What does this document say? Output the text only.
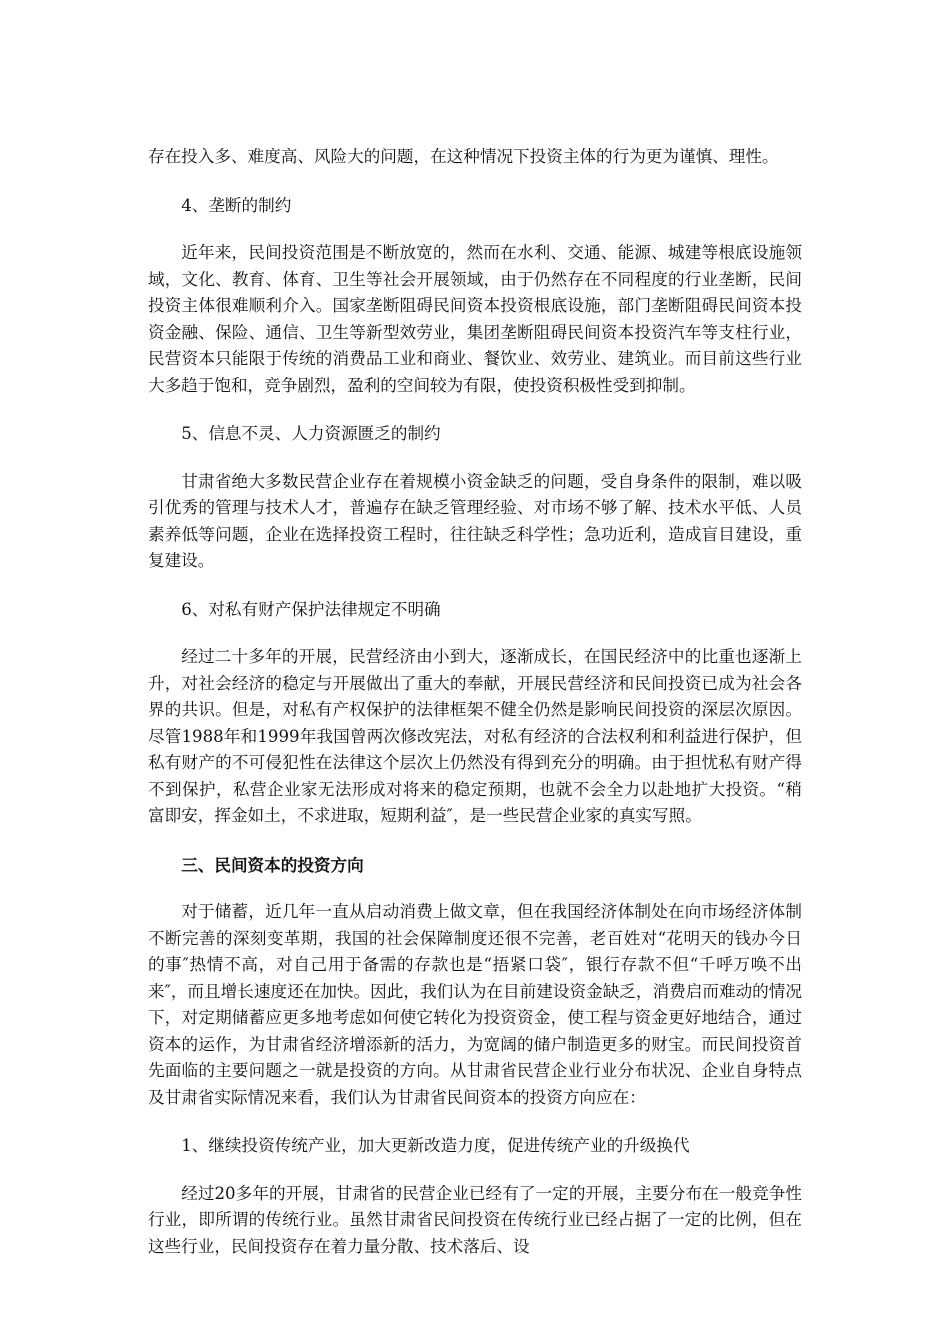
存在投入多、难度高、风险大的问题，在这种情况下投资主体的行为更为谨慎、理性。

4、垄断的制约

近年来，民间投资范围是不断放宽的，然而在水利、交通、能源、城建等根底设施领域，文化、教育、体育、卫生等社会开展领域，由于仍然存在不同程度的行业垄断，民间投资主体很难顺利介入。国家垄断阻碍民间资本投资根底设施，部门垄断阻碍民间资本投资金融、保险、通信、卫生等新型效劳业，集团垄断阻碍民间资本投资汽车等支柱行业，民营资本只能限于传统的消费品工业和商业、餐饮业、效劳业、建筑业。而目前这些行业大多趋于饱和，竞争剧烈，盈利的空间较为有限，使投资积极性受到抑制。

5、信息不灵、人力资源匮乏的制约

甘肃省绝大多数民营企业存在着规模小资金缺乏的问题，受自身条件的限制，难以吸引优秀的管理与技术人才，普遍存在缺乏管理经验、对市场不够了解、技术水平低、人员素养低等问题，企业在选择投资工程时，往往缺乏科学性；急功近利，造成盲目建设，重复建设。

6、对私有财产保护法律规定不明确

经过二十多年的开展，民营经济由小到大，逐渐成长，在国民经济中的比重也逐渐上升，对社会经济的稳定与开展做出了重大的奉献，开展民营经济和民间投资已成为社会各界的共识。但是，对私有产权保护的法律框架不健全仍然是影响民间投资的深层次原因。尽管1988年和1999年我国曾两次修改宪法，对私有经济的合法权利和利益进行保护，但私有财产的不可侵犯性在法律这个层次上仍然没有得到充分的明确。由于担忧私有财产得不到保护，私营企业家无法形成对将来的稳定预期，也就不会全力以赴地扩大投资。“稍富即安，挥金如土，不求进取，短期利益″，是一些民营企业家的真实写照。

三、民间资本的投资方向

对于储蓄，近几年一直从启动消费上做文章，但在我国经济体制处在向市场经济体制不断完善的深刻变革期，我国的社会保障制度还很不完善，老百姓对“花明天的钱办今日的事″热情不高，对自己用于备需的存款也是“捂紧口袋″，银行存款不但“千呼万唤不出来″，而且增长速度还在加快。因此，我们认为在目前建设资金缺乏，消费启而难动的情况下，对定期储蓄应更多地考虑如何使它转化为投资资金，使工程与资金更好地结合，通过资本的运作，为甘肃省经济增添新的活力，为宽阔的储户制造更多的财宝。而民间投资首先面临的主要问题之一就是投资的方向。从甘肃省民营企业行业分布状况、企业自身特点及甘肃省实际情况来看，我们认为甘肃省民间资本的投资方向应在：

1、继续投资传统产业，加大更新改造力度，促进传统产业的升级换代

经过20多年的开展，甘肃省的民营企业已经有了一定的开展，主要分布在一般竞争性行业，即所谓的传统行业。虽然甘肃省民间投资在传统行业已经占据了一定的比例，但在这些行业，民间投资存在着力量分散、技术落后、设
